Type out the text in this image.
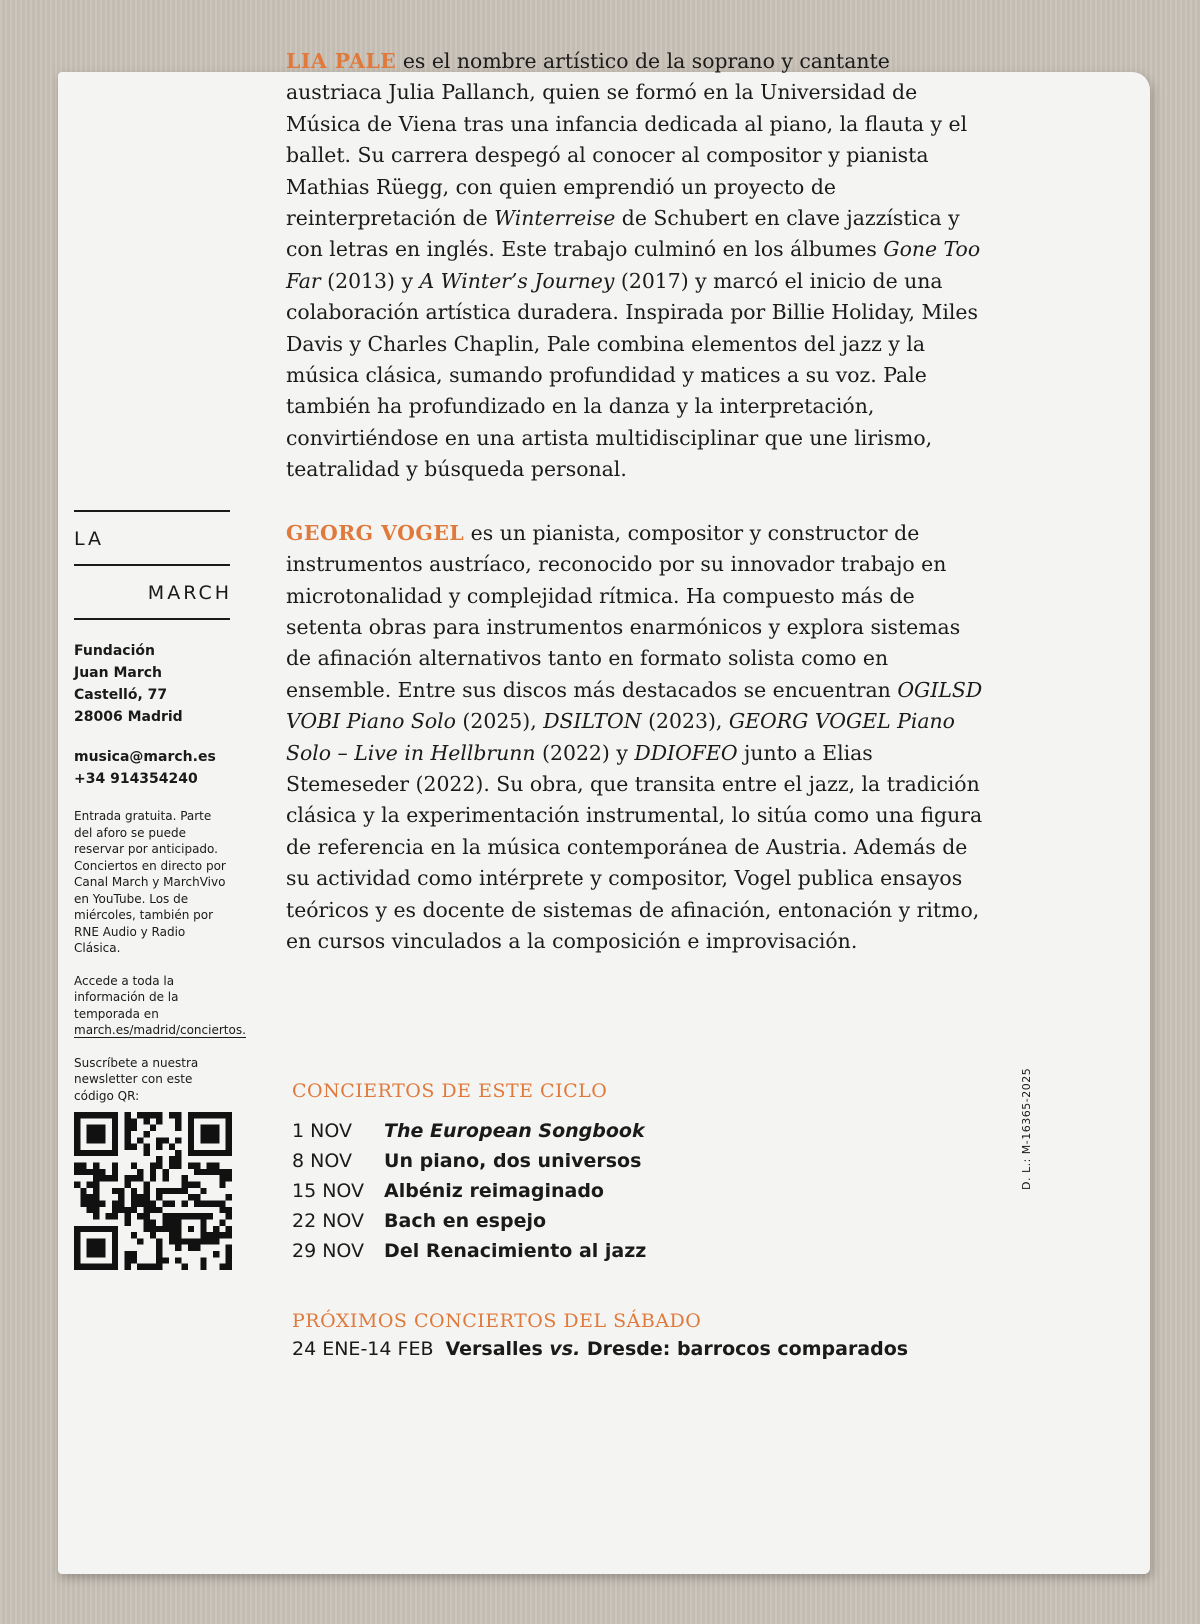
LA
MARCH
Fundación
Juan March
Castelló, 77
28006 Madrid
musica@march.es
+34 914354240

Entrada gratuita. Parte del aforo se puede reservar por anticipado. Conciertos en directo por Canal March y MarchVivo en YouTube. Los de miércoles, también por RNE Audio y Radio Clásica.

Accede a toda la información de la temporada en march.es/madrid/conciertos.

Suscríbete a nuestra newsletter con este código QR:

LIA PALE es el nombre artístico de la soprano y cantante austriaca Julia Pallanch, quien se formó en la Universidad de Música de Viena tras una infancia dedicada al piano, la flauta y el ballet. Su carrera despegó al conocer al compositor y pianista Mathias Rüegg, con quien emprendió un proyecto de reinterpretación de Winterreise de Schubert en clave jazzística y con letras en inglés. Este trabajo culminó en los álbumes Gone Too Far (2013) y A Winter’s Journey (2017) y marcó el inicio de una colaboración artística duradera. Inspirada por Billie Holiday, Miles Davis y Charles Chaplin, Pale combina elementos del jazz y la música clásica, sumando profundidad y matices a su voz. Pale también ha profundizado en la danza y la interpretación, convirtiéndose en una artista multidisciplinar que une lirismo, teatralidad y búsqueda personal.

GEORG VOGEL es un pianista, compositor y constructor de instrumentos austríaco, reconocido por su innovador trabajo en microtonalidad y complejidad rítmica. Ha compuesto más de setenta obras para instrumentos enarmónicos y explora sistemas de afinación alternativos tanto en formato solista como en ensemble. Entre sus discos más destacados se encuentran OGILSD VOBI Piano Solo (2025), DSILTON (2023), GEORG VOGEL Piano Solo – Live in Hellbrunn (2022) y DDIOFEO junto a Elias Stemeseder (2022). Su obra, que transita entre el jazz, la tradición clásica y la experimentación instrumental, lo sitúa como una figura de referencia en la música contemporánea de Austria. Además de su actividad como intérprete y compositor, Vogel publica ensayos teóricos y es docente de sistemas de afinación, entonación y ritmo, en cursos vinculados a la composición e improvisación.

CONCIERTOS DE ESTE CICLO
1 NOV The European Songbook
8 NOV Un piano, dos universos
15 NOV Albéniz reimaginado
22 NOV Bach en espejo
29 NOV Del Renacimiento al jazz
PRÓXIMOS CONCIERTOS DEL SÁBADO
24 ENE-14 FEB Versalles vs. Dresde: barrocos comparados
D. L.: M-16365-2025
